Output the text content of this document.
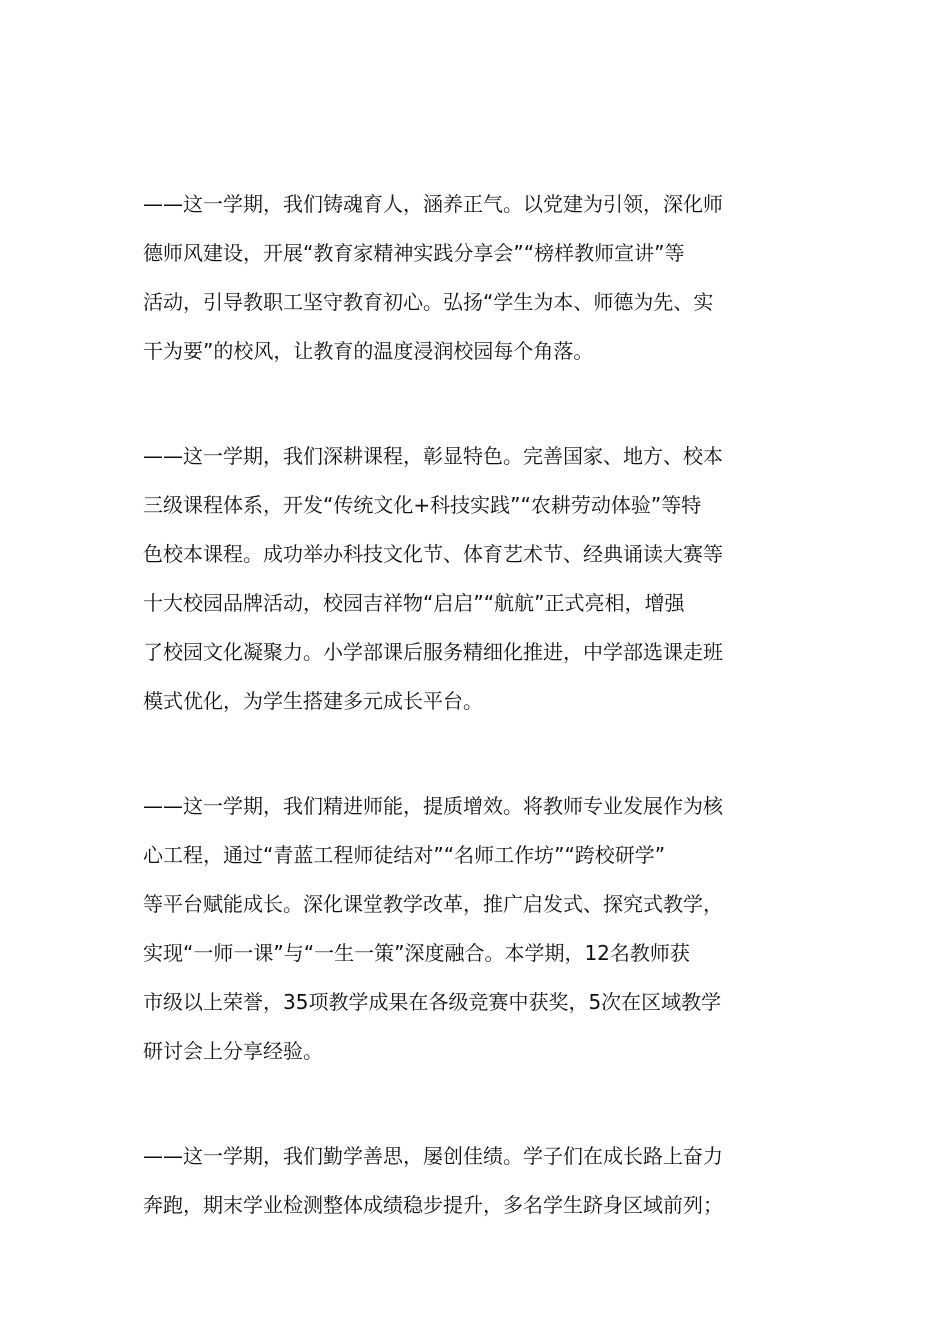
——这一学期，我们铸魂育人，涵养正气。以党建为引领，深化师
德师风建设，开展“教育家精神实践分享会”“榜样教师宣讲”等
活动，引导教职工坚守教育初心。弘扬“学生为本、师德为先、实
干为要”的校风，让教育的温度浸润校园每个角落。

——这一学期，我们深耕课程，彰显特色。完善国家、地方、校本
三级课程体系，开发“传统文化+科技实践”“农耕劳动体验”等特
色校本课程。成功举办科技文化节、体育艺术节、经典诵读大赛等
十大校园品牌活动，校园吉祥物“启启”“航航”正式亮相，增强
了校园文化凝聚力。小学部课后服务精细化推进，中学部选课走班
模式优化，为学生搭建多元成长平台。

——这一学期，我们精进师能，提质增效。将教师专业发展作为核
心工程，通过“青蓝工程师徒结对”“名师工作坊”“跨校研学”
等平台赋能成长。深化课堂教学改革，推广启发式、探究式教学，
实现“一师一课”与“一生一策”深度融合。本学期，12名教师获
市级以上荣誉，35项教学成果在各级竞赛中获奖，5次在区域教学
研讨会上分享经验。

——这一学期，我们勤学善思，屡创佳绩。学子们在成长路上奋力
奔跑，期末学业检测整体成绩稳步提升，多名学生跻身区域前列；
